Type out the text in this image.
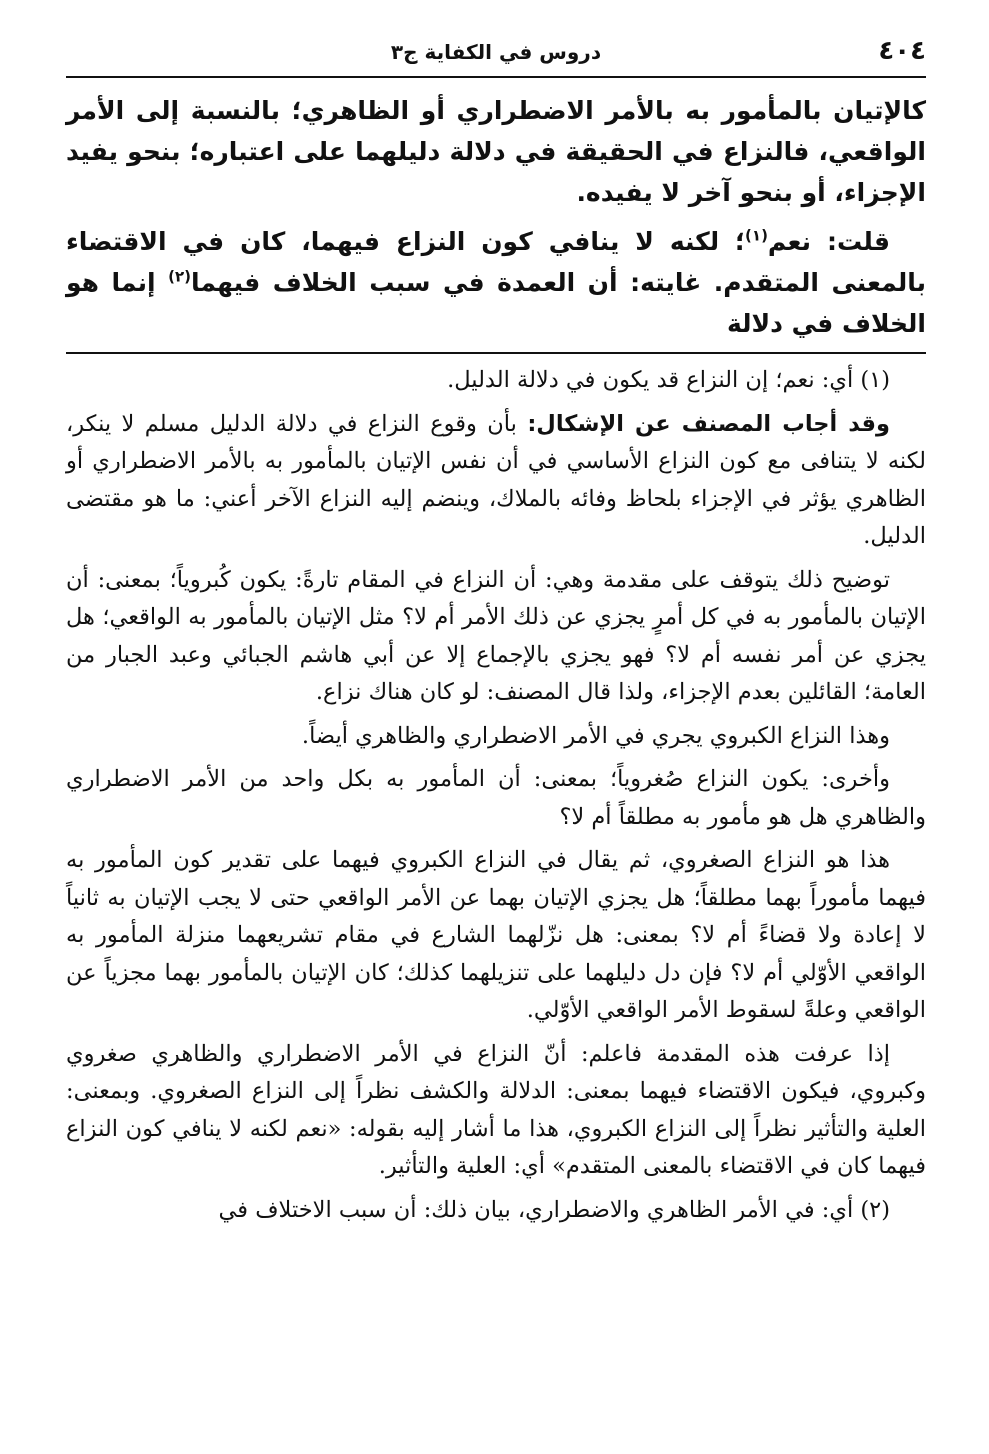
٤٠٤
دروس في الكفاية ج٣

كالإتيان بالمأمور به بالأمر الاضطراري أو الظاهري؛ بالنسبة إلى الأمر الواقعي، فالنزاع في الحقيقة في دلالة دليلهما على اعتباره؛ بنحو يفيد الإجزاء، أو بنحو آخر لا يفيده.

قلت: نعم$^{(١)}$؛ لكنه لا ينافي كون النزاع فيهما، كان في الاقتضاء بالمعنى المتقدم. غايته: أن العمدة في سبب الخلاف فيهما$^{(٢)}$ إنما هو الخلاف في دلالة

(١) أي: نعم؛ إن النزاع قد يكون في دلالة الدليل.

وقد أجاب المصنف عن الإشكال: بأن وقوع النزاع في دلالة الدليل مسلم لا ينكر، لكنه لا يتنافى مع كون النزاع الأساسي في أن نفس الإتيان بالمأمور به بالأمر الاضطراري أو الظاهري يؤثر في الإجزاء بلحاظ وفائه بالملاك، وينضم إليه النزاع الآخر أعني: ما هو مقتضى الدليل.

توضيح ذلك يتوقف على مقدمة وهي: أن النزاع في المقام تارةً: يكون كُبروياً؛ بمعنى: أن الإتيان بالمأمور به في كل أمرٍ يجزي عن ذلك الأمر أم لا؟ مثل الإتيان بالمأمور به الواقعي؛ هل يجزي عن أمر نفسه أم لا؟ فهو يجزي بالإجماع إلا عن أبي هاشم الجبائي وعبد الجبار من العامة؛ القائلين بعدم الإجزاء، ولذا قال المصنف: لو كان هناك نزاع.

وهذا النزاع الكبروي يجري في الأمر الاضطراري والظاهري أيضاً.

وأخرى: يكون النزاع صُغروياً؛ بمعنى: أن المأمور به بكل واحد من الأمر الاضطراري والظاهري هل هو مأمور به مطلقاً أم لا؟

هذا هو النزاع الصغروي، ثم يقال في النزاع الكبروي فيهما على تقدير كون المأمور به فيهما مأموراً بهما مطلقاً؛ هل يجزي الإتيان بهما عن الأمر الواقعي حتى لا يجب الإتيان به ثانياً لا إعادة ولا قضاءً أم لا؟ بمعنى: هل نزّلهما الشارع في مقام تشريعهما منزلة المأمور به الواقعي الأوّلي أم لا؟ فإن دل دليلهما على تنزيلهما كذلك؛ كان الإتيان بالمأمور بهما مجزياً عن الواقعي وعلةً لسقوط الأمر الواقعي الأوّلي.

إذا عرفت هذه المقدمة فاعلم: أنّ النزاع في الأمر الاضطراري والظاهري صغروي وكبروي، فيكون الاقتضاء فيهما بمعنى: الدلالة والكشف نظراً إلى النزاع الصغروي. وبمعنى: العلية والتأثير نظراً إلى النزاع الكبروي، هذا ما أشار إليه بقوله: «نعم لكنه لا ينافي كون النزاع فيهما كان في الاقتضاء بالمعنى المتقدم» أي: العلية والتأثير.

(٢) أي: في الأمر الظاهري والاضطراري، بيان ذلك: أن سبب الاختلاف في
